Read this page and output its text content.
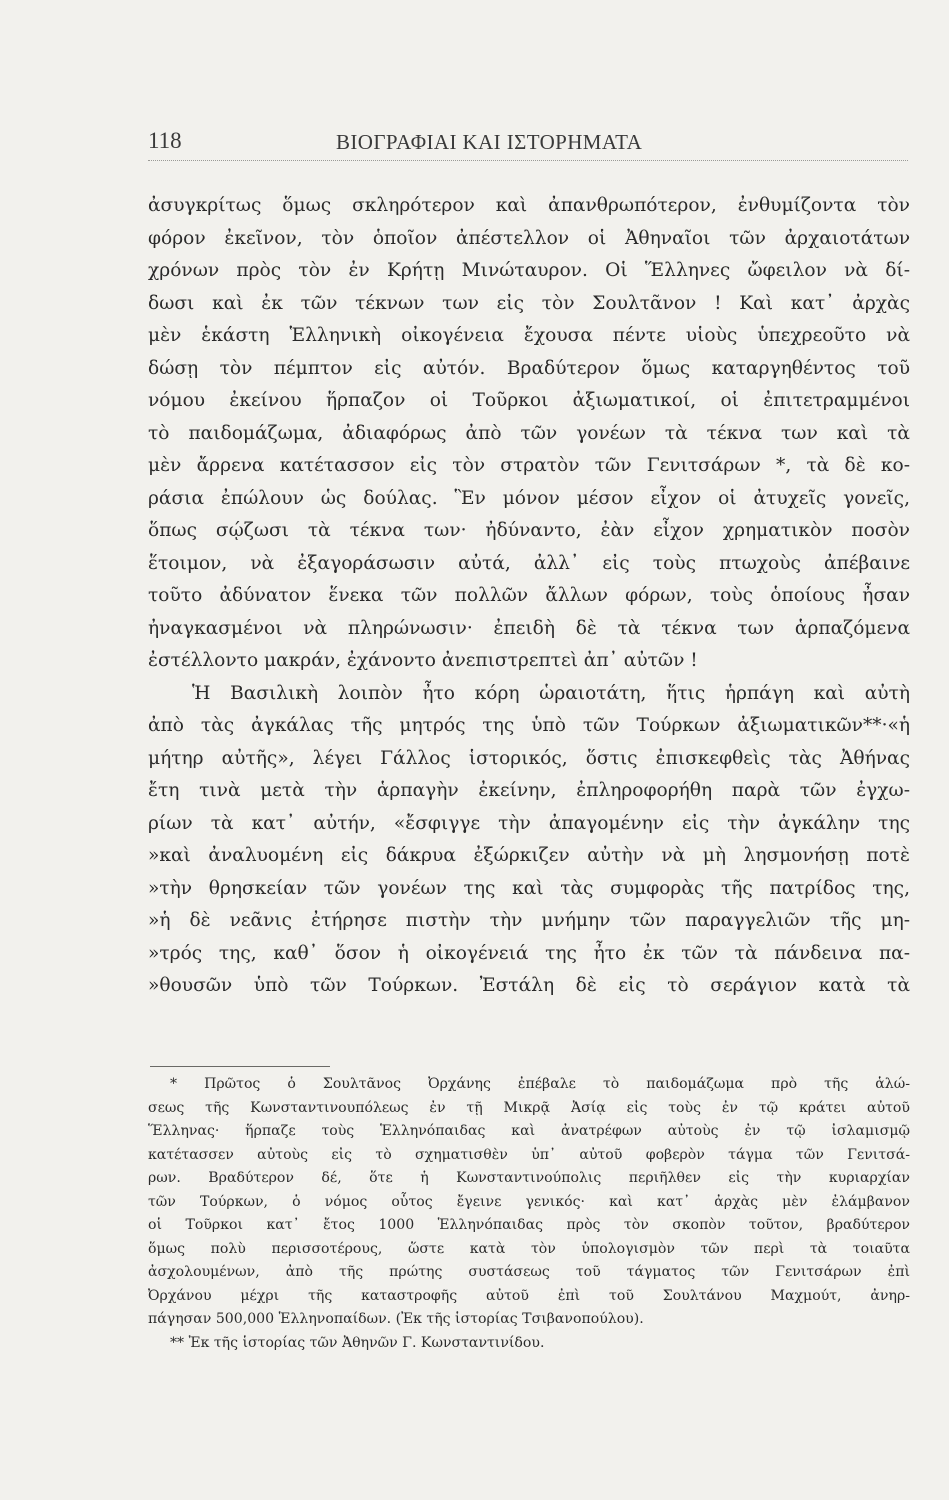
118	ΒΙΟΓΡΑΦΙΑΙ ΚΑΙ ΙΣΤΟΡΗΜΑΤΑ
ἀσυγκρίτως ὅμως σκληρότερον καὶ ἀπανθρωπότερον, ἐνθυμίζοντα τὸν
φόρον ἐκεῖνον, τὸν ὁποῖον ἀπέστελλον οἱ Ἀθηναῖοι τῶν ἀρχαιοτάτων
χρόνων πρὸς τὸν ἐν Κρήτῃ Μινώταυρον. Οἱ Ἕλληνες ὤφειλον νὰ δί-
δωσι καὶ ἐκ τῶν τέκνων των εἰς τὸν Σουλτᾶνον ! Καὶ κατ᾽ ἀρχὰς
μὲν ἑκάστη Ἑλληνικὴ οἰκογένεια ἔχουσα πέντε υἱοὺς ὑπεχρεοῦτο νὰ
δώσῃ τὸν πέμπτον εἰς αὐτόν. Βραδύτερον ὅμως καταργηθέντος τοῦ
νόμου ἐκείνου ἥρπαζον οἱ Τοῦρκοι ἀξιωματικοί, οἱ ἐπιτετραμμένοι
τὸ παιδομάζωμα, ἀδιαφόρως ἀπὸ τῶν γονέων τὰ τέκνα των καὶ τὰ
μὲν ἄρρενα κατέτασσον εἰς τὸν στρατὸν τῶν Γενιτσάρων *, τὰ δὲ κο-
ράσια ἐπώλουν ὡς δούλας. Ἓν μόνον μέσον εἶχον οἱ ἀτυχεῖς γονεῖς,
ὅπως σῴζωσι τὰ τέκνα των· ἠδύναντο, ἐὰν εἶχον χρηματικὸν ποσὸν
ἕτοιμον, νὰ ἐξαγοράσωσιν αὐτά, ἀλλ᾽ εἰς τοὺς πτωχοὺς ἀπέβαινε
τοῦτο ἀδύνατον ἕνεκα τῶν πολλῶν ἄλλων φόρων, τοὺς ὁποίους ἦσαν
ἠναγκασμένοι νὰ πληρώνωσιν· ἐπειδὴ δὲ τὰ τέκνα των ἁρπαζόμενα
ἐστέλλοντο μακράν, ἐχάνοντο ἀνεπιστρεπτεὶ ἀπ᾽ αὐτῶν !
Ἡ Βασιλικὴ λοιπὸν ἦτο κόρη ὡραιοτάτη, ἥτις ἡρπάγη καὶ αὐτὴ
ἀπὸ τὰς ἀγκάλας τῆς μητρός της ὑπὸ τῶν Τούρκων ἀξιωματικῶν**·«ἡ
μήτηρ αὐτῆς», λέγει Γάλλος ἱστορικός, ὅστις ἐπισκεφθεὶς τὰς Ἀθήνας
ἔτη τινὰ μετὰ τὴν ἁρπαγὴν ἐκείνην, ἐπληροφορήθη παρὰ τῶν ἐγχω-
ρίων τὰ κατ᾽ αὐτήν, «ἔσφιγγε τὴν ἀπαγομένην εἰς τὴν ἀγκάλην της
»καὶ ἀναλυομένη εἰς δάκρυα ἐξώρκιζεν αὐτὴν νὰ μὴ λησμονήσῃ ποτὲ
»τὴν θρησκείαν τῶν γονέων της καὶ τὰς συμφορὰς τῆς πατρίδος της,
»ἡ δὲ νεᾶνις ἐτήρησε πιστὴν τὴν μνήμην τῶν παραγγελιῶν τῆς μη-
»τρός της, καθ᾽ ὅσον ἡ οἰκογένειά της ἦτο ἐκ τῶν τὰ πάνδεινα πα-
»θουσῶν ὑπὸ τῶν Τούρκων. Ἐστάλη δὲ εἰς τὸ σεράγιον κατὰ τὰ
* Πρῶτος ὁ Σουλτᾶνος Ὀρχάνης ἐπέβαλε τὸ παιδομάζωμα πρὸ τῆς ἁλώ-
σεως τῆς Κωνσταντινουπόλεως ἐν τῇ Μικρᾷ Ἀσίᾳ εἰς τοὺς ἐν τῷ κράτει αὐτοῦ
Ἕλληνας· ἥρπαζε τοὺς Ἑλληνόπαιδας καὶ ἀνατρέφων αὐτοὺς ἐν τῷ ἰσλαμισμῷ
κατέτασσεν αὐτοὺς εἰς τὸ σχηματισθὲν ὑπ᾽ αὐτοῦ φοβερὸν τάγμα τῶν Γενιτσά-
ρων. Βραδύτερον δέ, ὅτε ἡ Κωνσταντινούπολις περιῆλθεν εἰς τὴν κυριαρχίαν
τῶν Τούρκων, ὁ νόμος οὗτος ἔγεινε γενικός· καὶ κατ᾽ ἀρχὰς μὲν ἐλάμβανον
οἱ Τοῦρκοι κατ᾽ ἔτος 1000 Ἑλληνόπαιδας πρὸς τὸν σκοπὸν τοῦτον, βραδύτερον
ὅμως πολὺ περισσοτέρους, ὥστε κατὰ τὸν ὑπολογισμὸν τῶν περὶ τὰ τοιαῦτα
ἀσχολουμένων, ἀπὸ τῆς πρώτης συστάσεως τοῦ τάγματος τῶν Γενιτσάρων ἐπὶ
Ὀρχάνου μέχρι τῆς καταστροφῆς αὐτοῦ ἐπὶ τοῦ Σουλτάνου Μαχμούτ, ἀνηρ-
πάγησαν 500,000 Ἑλληνοπαίδων. (Ἐκ τῆς ἱστορίας Τσιβανοπούλου).
** Ἐκ τῆς ἱστορίας τῶν Ἀθηνῶν Γ. Κωνσταντινίδου.
